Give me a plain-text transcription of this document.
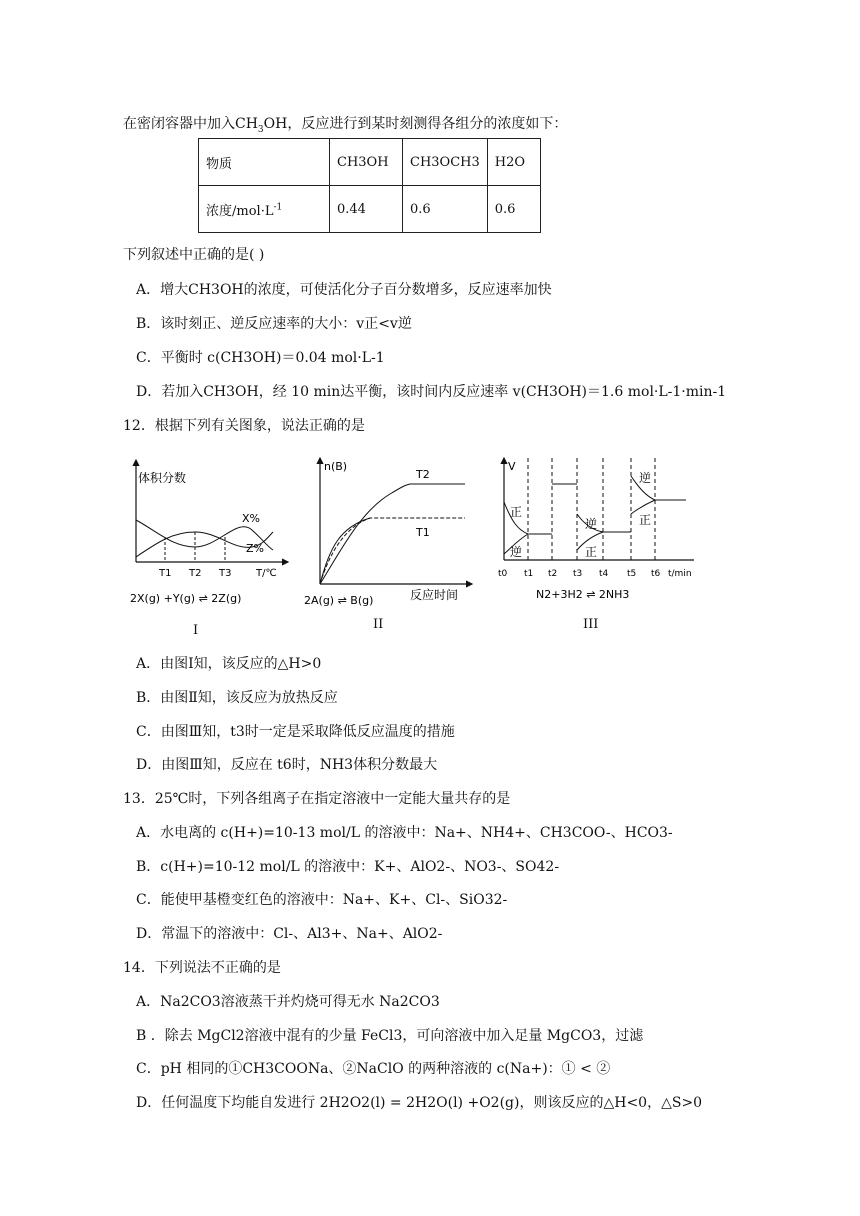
在密闭容器中加入$CH_3OH$，反应进行到某时刻测得各组分的浓度如下：
物质	CH3OH	CH3OCH3	H2O
浓度$/mol\cdot L^{-1}$	0.44	0.6	0.6
下列叙述中正确的是( )
A．增大CH3OH的浓度，可使活化分子百分数增多，反应速率加快
B．该时刻正、逆反应速率的大小：v正<v逆
C．平衡时 c(CH3OH)＝0.04 mol·L-1
D．若加入CH3OH，经 10 min达平衡，该时间内反应速率 v(CH3OH)＝1.6 mol·L-1·min-1
12．根据下列有关图象，说法正确的是
体积分数
X%
Z%
T1 T2 T3 T/℃
2X(g) +Y(g) ⇌ 2Z(g)
I
n(B)
T2
T1
2A(g) ⇌ B(g)	反应时间
II
V
正
逆
逆
正
逆
正
t0 t1 t2 t3 t4 t5 t6 t/min
N2+3H2 ⇌ 2NH3
III
A．由图Ⅰ知，该反应的△H>0
B．由图Ⅱ知，该反应为放热反应
C．由图Ⅲ知，t3时一定是采取降低反应温度的措施
D．由图Ⅲ知，反应在 t6时，NH3体积分数最大
13．25℃时，下列各组离子在指定溶液中一定能大量共存的是
A．水电离的 c(H+)=10-13 mol/L 的溶液中：Na+、NH4+、CH3COO-、HCO3-
B．c(H+)=10-12 mol/L 的溶液中：K+、AlO2-、NO3-、SO42-
C．能使甲基橙变红色的溶液中：Na+、K+、Cl-、SiO32-
D．常温下的溶液中：Cl-、Al3+、Na+、AlO2-
14．下列说法不正确的是
A．Na2CO3溶液蒸干并灼烧可得无水 Na2CO3
B ．除去 MgCl2溶液中混有的少量 FeCl3，可向溶液中加入足量 MgCO3，过滤
C．pH 相同的①CH3COONa、②NaClO 的两种溶液的 c(Na+)：① < ②
D．任何温度下均能自发进行 2H2O2(l) = 2H2O(l) +O2(g)，则该反应的△H<0，△S>0
